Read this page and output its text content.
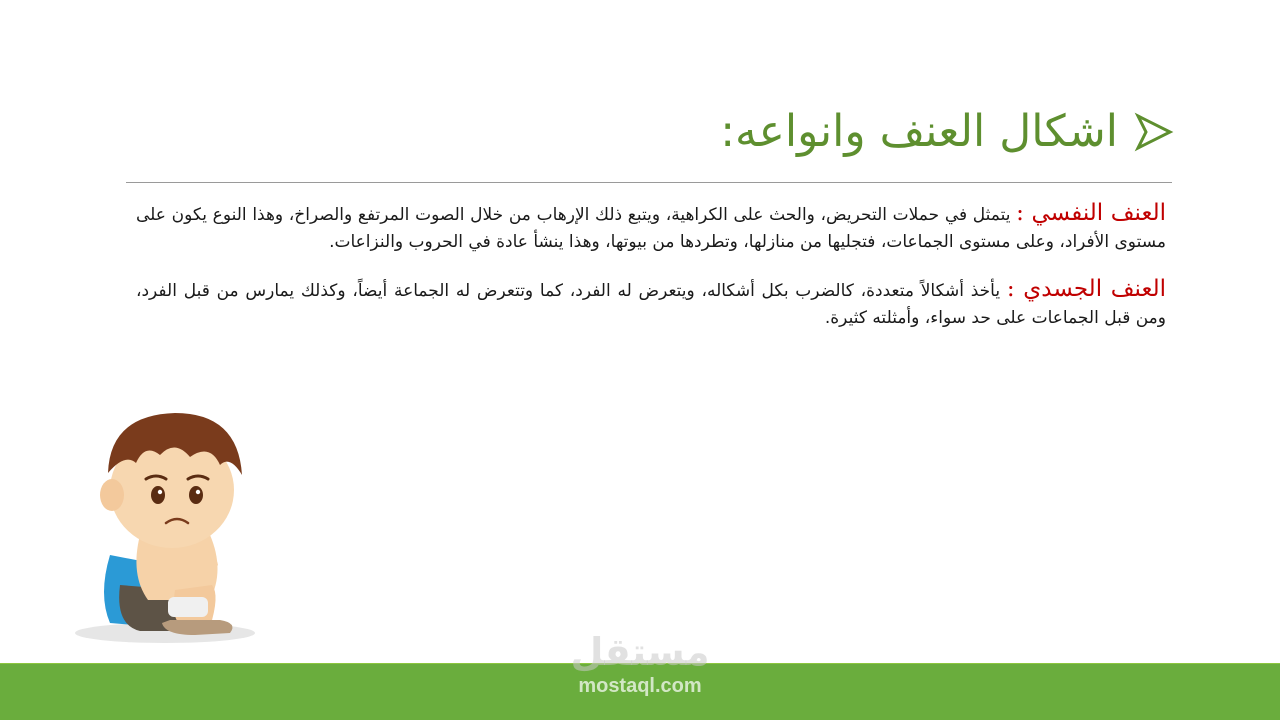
اشكال العنف وانواعه:

العنف النفسي : يتمثل في حملات التحريض، والحث على الكراهية، ويتبع ذلك الإرهاب من خلال الصوت المرتفع والصراخ، وهذا النوع يكون على مستوى الأفراد، وعلى مستوى الجماعات، فتجليها من منازلها، وتطردها من بيوتها، وهذا ينشأ عادة في الحروب والنزاعات.

العنف الجسدي : يأخذ أشكالاً متعددة، كالضرب بكل أشكاله، ويتعرض له الفرد، كما وتتعرض له الجماعة أيضاً، وكذلك يمارس من قبل الفرد، ومن قبل الجماعات على حد سواء، وأمثلته كثيرة.

مستقل
mostaql.com
